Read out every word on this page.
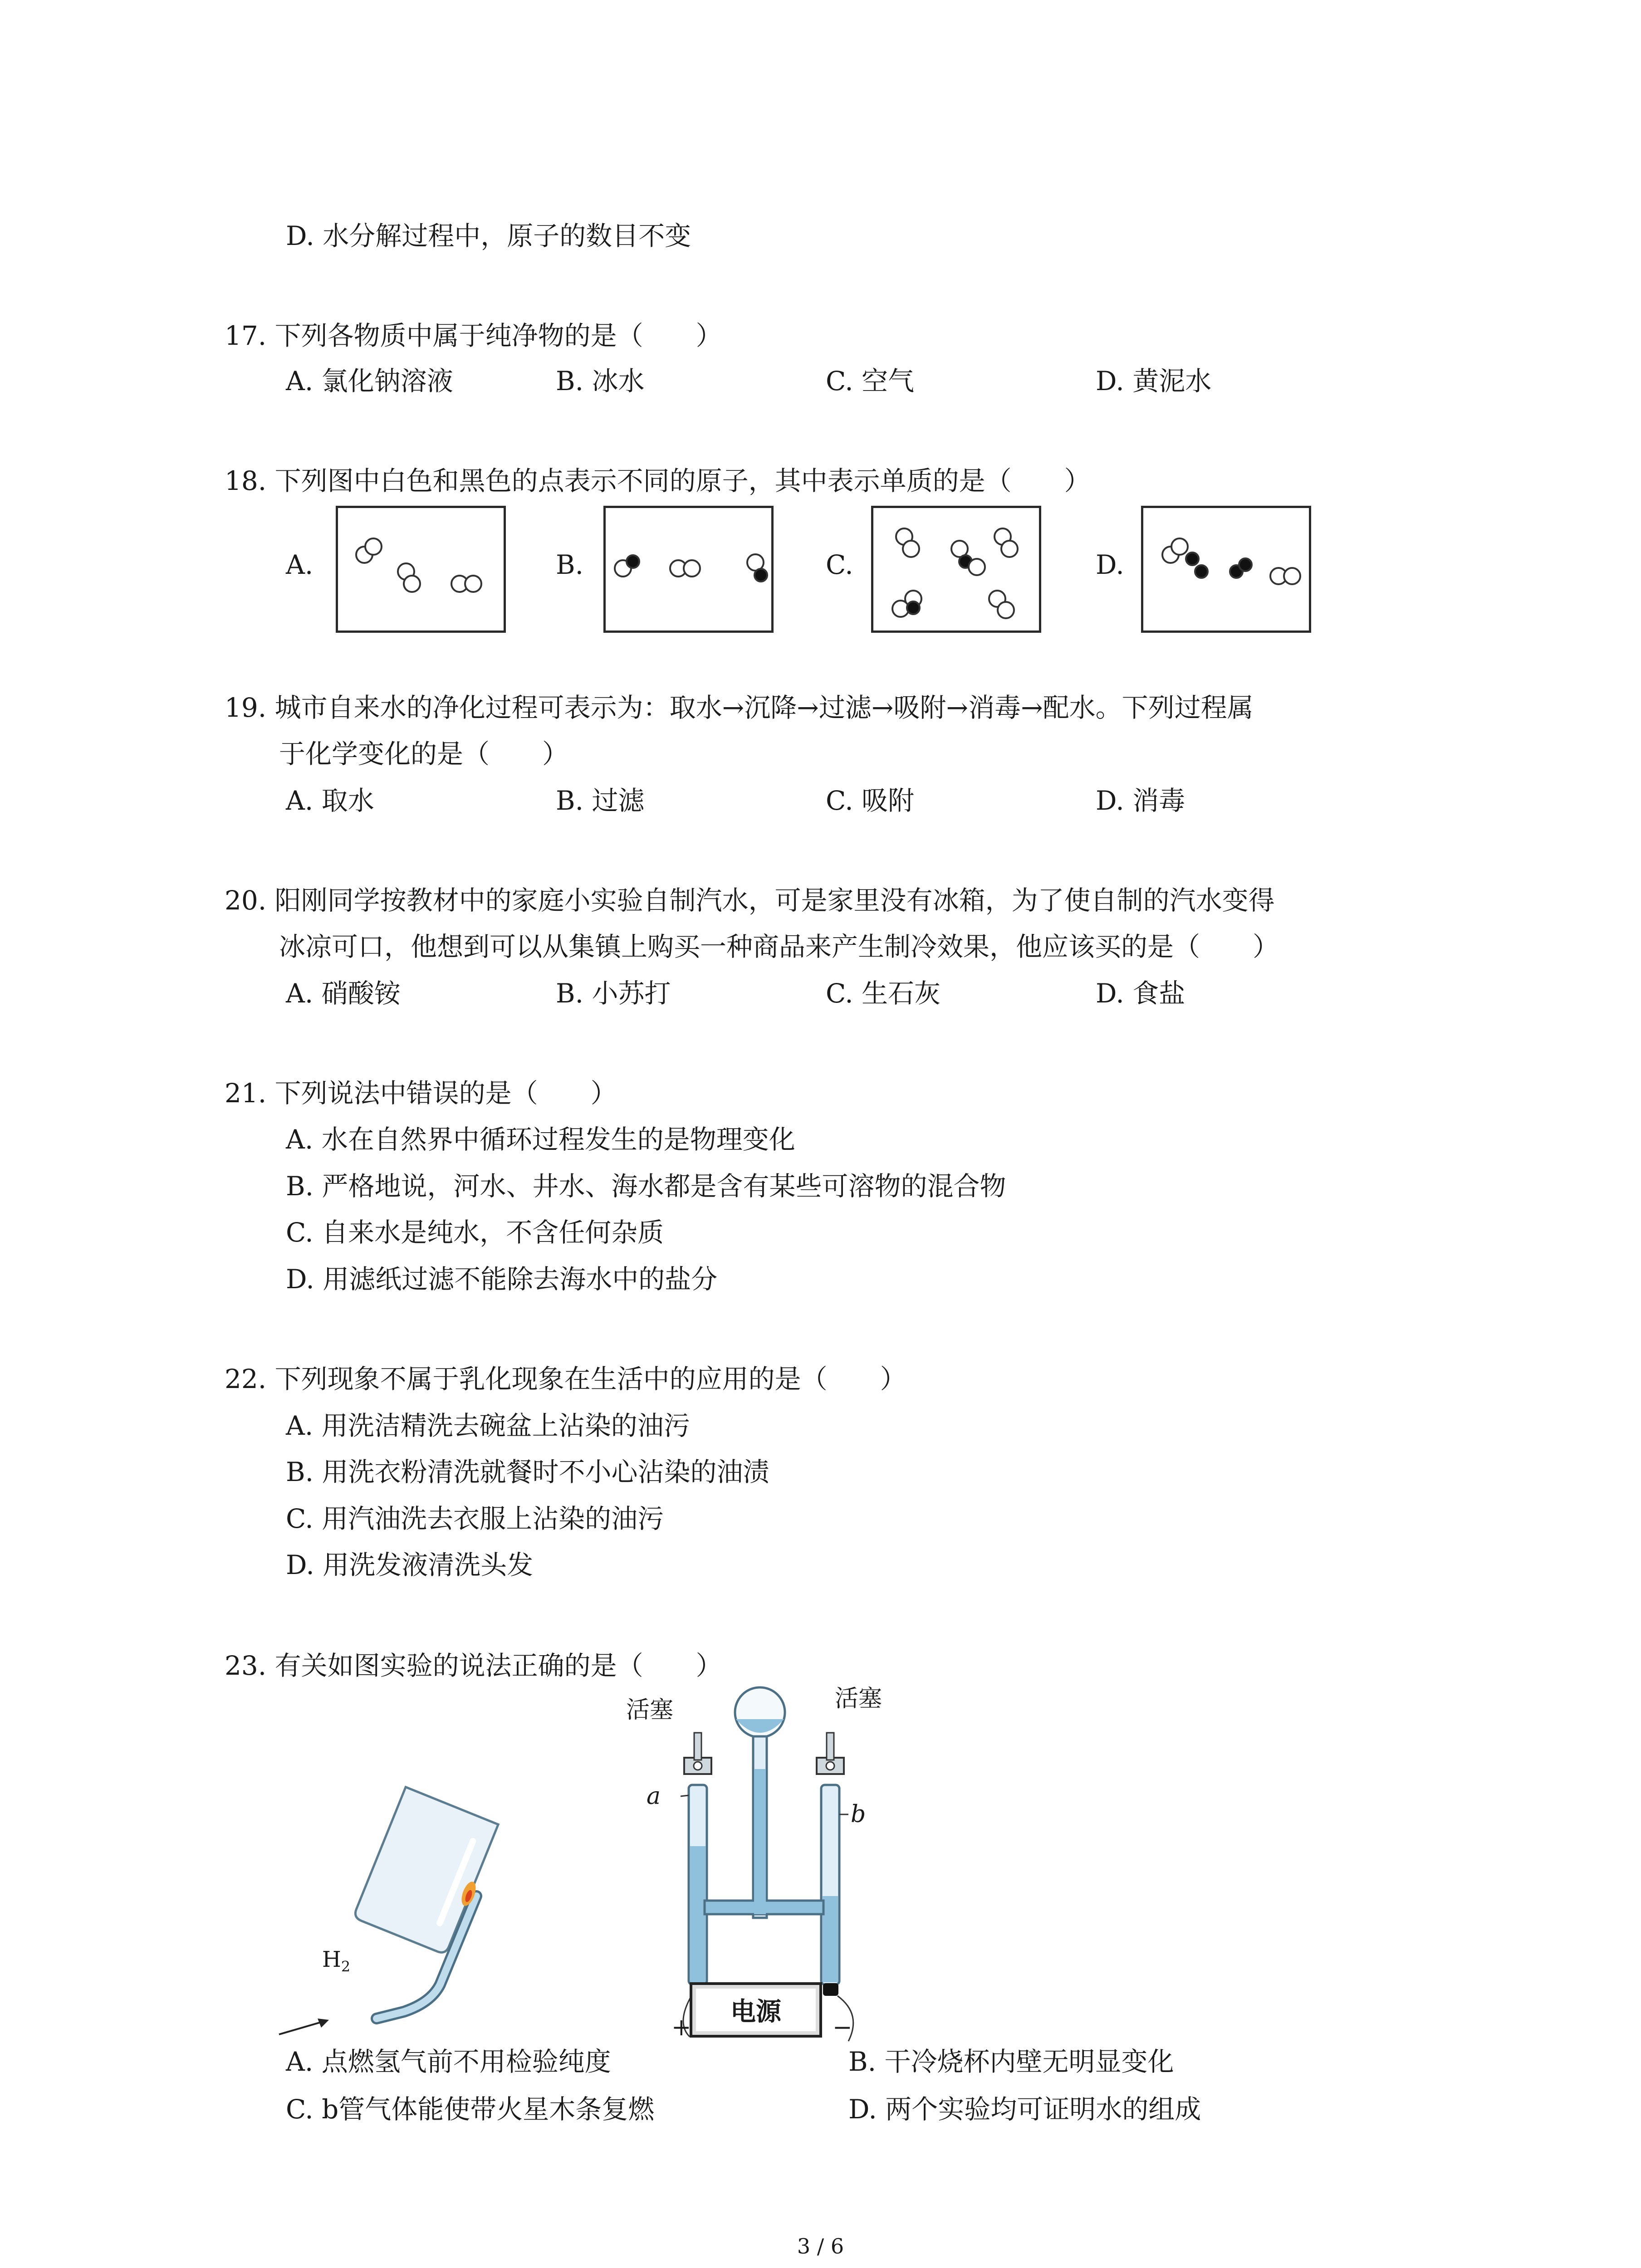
D. 水分解过程中，原子的数目不变
17. 下列各物质中属于纯净物的是（　　）
A. 氯化钠溶液	B. 冰水	C. 空气	D. 黄泥水
18. 下列图中白色和黑色的点表示不同的原子，其中表示单质的是（　　）
A.	B.	C.	D.
19. 城市自来水的净化过程可表示为：取水→沉降→过滤→吸附→消毒→配水。下列过程属
于化学变化的是（　　）
A. 取水	B. 过滤	C. 吸附	D. 消毒
20. 阳刚同学按教材中的家庭小实验自制汽水，可是家里没有冰箱，为了使自制的汽水变得
冰凉可口，他想到可以从集镇上购买一种商品来产生制冷效果，他应该买的是（　　）
A. 硝酸铵	B. 小苏打	C. 生石灰	D. 食盐
21. 下列说法中错误的是（　　）
A. 水在自然界中循环过程发生的是物理变化
B. 严格地说，河水、井水、海水都是含有某些可溶物的混合物
C. 自来水是纯水，不含任何杂质
D. 用滤纸过滤不能除去海水中的盐分
22. 下列现象不属于乳化现象在生活中的应用的是（　　）
A. 用洗洁精洗去碗盆上沾染的油污
B. 用洗衣粉清洗就餐时不小心沾染的油渍
C. 用汽油洗去衣服上沾染的油污
D. 用洗发液清洗头发
23. 有关如图实验的说法正确的是（　　）
$H_2$
活塞	活塞
a
b
电源
+	−
A. 点燃氢气前不用检验纯度	B. 干冷烧杯内壁无明显变化
C. b管气体能使带火星木条复燃	D. 两个实验均可证明水的组成
3 / 6
